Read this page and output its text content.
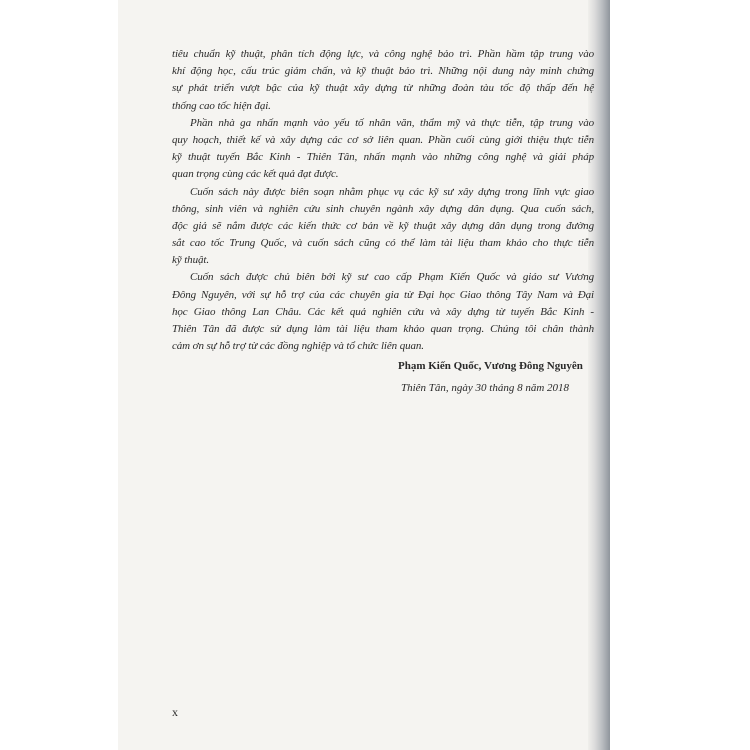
tiêu chuẩn kỹ thuật, phân tích động lực, và công nghệ bảo trì. Phần hầm tập trung vào
khí động học, cấu trúc giảm chấn, và kỹ thuật bảo trì. Những nội dung này minh chứng
sự phát triển vượt bậc của kỹ thuật xây dựng từ những đoàn tàu tốc độ thấp đến hệ
thống cao tốc hiện đại.
Phần nhà ga nhấn mạnh vào yếu tố nhân văn, thẩm mỹ và thực tiễn, tập trung vào
quy hoạch, thiết kế và xây dựng các cơ sở liên quan. Phần cuối cùng giới thiệu thực tiễn
kỹ thuật tuyến Bắc Kinh - Thiên Tân, nhấn mạnh vào những công nghệ và giải pháp
quan trọng cùng các kết quả đạt được.
Cuốn sách này được biên soạn nhằm phục vụ các kỹ sư xây dựng trong lĩnh vực giao
thông, sinh viên và nghiên cứu sinh chuyên ngành xây dựng dân dụng. Qua cuốn sách,
độc giả sẽ nắm được các kiến thức cơ bản về kỹ thuật xây dựng dân dụng trong đường
sắt cao tốc Trung Quốc, và cuốn sách cũng có thể làm tài liệu tham khảo cho thực tiễn
kỹ thuật.
Cuốn sách được chủ biên bởi kỹ sư cao cấp Phạm Kiến Quốc và giáo sư Vương
Đông Nguyên, với sự hỗ trợ của các chuyên gia từ Đại học Giao thông Tây Nam và Đại
học Giao thông Lan Châu. Các kết quả nghiên cứu và xây dựng từ tuyến Bắc Kinh -
Thiên Tân đã được sử dụng làm tài liệu tham khảo quan trọng. Chúng tôi chân thành
cảm ơn sự hỗ trợ từ các đồng nghiệp và tổ chức liên quan.
Phạm Kiến Quốc, Vương Đông Nguyên
Thiên Tân, ngày 30 tháng 8 năm 2018
x
